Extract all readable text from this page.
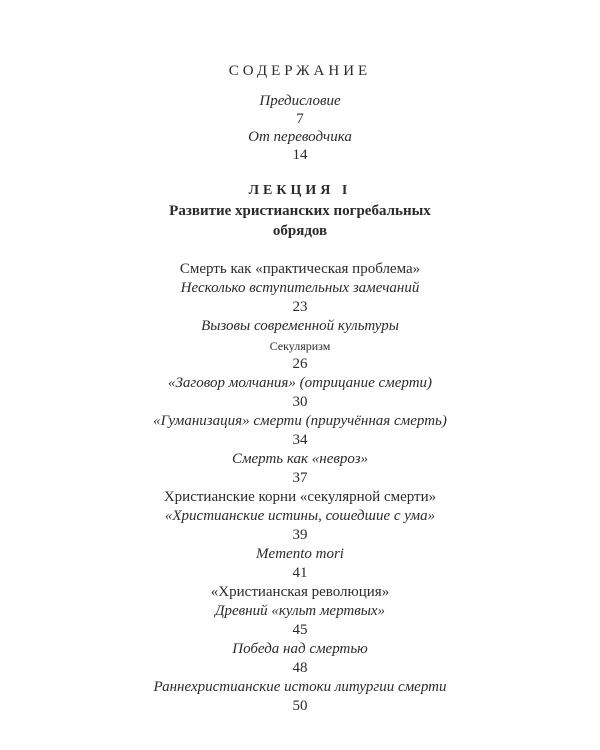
СОДЕРЖАНИЕ
Предисловие
7
От переводчика
14
ЛЕКЦИЯ I
Развитие христианских погребальных
обрядов
Смерть как «практическая проблема»
Несколько вступительных замечаний
23
Вызовы современной культуры
Секуляризм
26
«Заговор молчания» (отрицание смерти)
30
«Гуманизация» смерти (приручённая смерть)
34
Смерть как «невроз»
37
Христианские корни «секулярной смерти»
«Христианские истины, сошедшие с ума»
39
Memento mori
41
«Христианская революция»
Древний «культ мертвых»
45
Победа над смертью
48
Раннехристианские истоки литургии смерти
50
